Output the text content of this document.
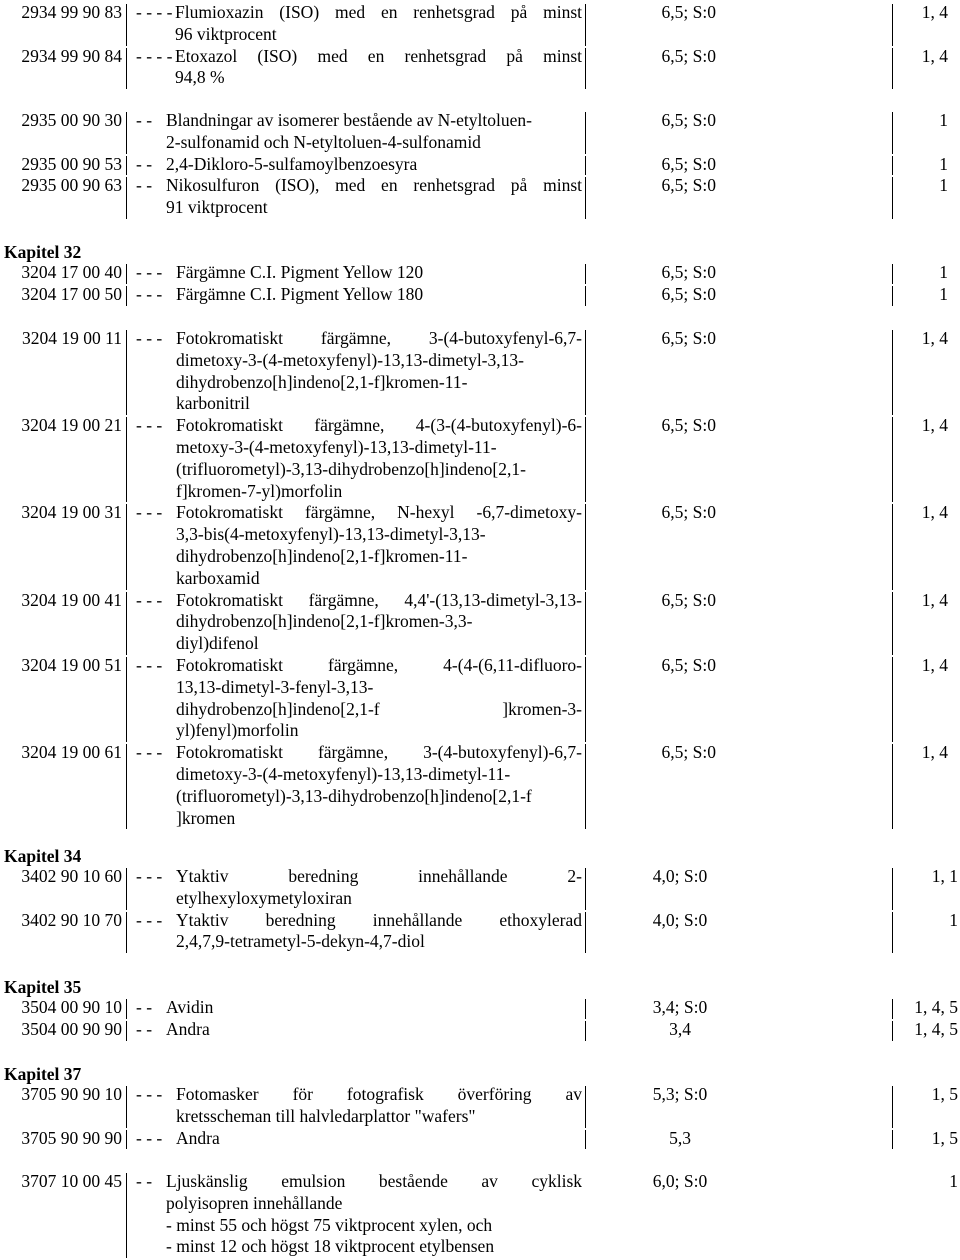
2934 99 90 83 - - - - Flumioxazin (ISO) med en renhetsgrad på minst
96 viktprocent
6,5; S:0	1, 4
2934 99 90 84 - - - - Etoxazol (ISO) med en renhetsgrad på minst
94,8 %
6,5; S:0	1, 4
2935 00 90 30 - - Blandningar av isomerer bestående av N-etyltoluen-
2-sulfonamid och N-etyltoluen-4-sulfonamid
6,5; S:0	1
2935 00 90 53 - - 2,4-Dikloro-5-sulfamoylbenzoesyra	6,5; S:0	1
2935 00 90 63 - - Nikosulfuron (ISO), med en renhetsgrad på minst
91 viktprocent
6,5; S:0	1
3204 17 00 40 - - - Färgämne C.I. Pigment Yellow 120	6,5; S:0	1
3204 17 00 50 - - - Färgämne C.I. Pigment Yellow 180	6,5; S:0	1
3204 19 00 11 - - - Fotokromatiskt färgämne, 3-(4-butoxyfenyl-6,7-
dimetoxy-3-(4-metoxyfenyl)-13,13-dimetyl-3,13-
dihydrobenzo[h]indeno[2,1-f]kromen-11-
karbonitril
6,5; S:0	1, 4
3204 19 00 21 - - - Fotokromatiskt färgämne, 4-(3-(4-butoxyfenyl)-6-
metoxy-3-(4-metoxyfenyl)-13,13-dimetyl-11-
(trifluorometyl)-3,13-dihydrobenzo[h]indeno[2,1-
f]kromen-7-yl)morfolin
6,5; S:0	1, 4
3204 19 00 31 - - - Fotokromatiskt färgämne, N-hexyl -6,7-dimetoxy-
3,3-bis(4-metoxyfenyl)-13,13-dimetyl-3,13-
dihydrobenzo[h]indeno[2,1-f]kromen-11-
karboxamid
6,5; S:0	1, 4
3204 19 00 41 - - - Fotokromatiskt färgämne, 4,4'-(13,13-dimetyl-3,13-
dihydrobenzo[h]indeno[2,1-f]kromen-3,3-
diyl)difenol
6,5; S:0	1, 4
3204 19 00 51 - - - Fotokromatiskt färgämne, 4-(4-(6,11-difluoro-
13,13-dimetyl-3-fenyl-3,13-
dihydrobenzo[h]indeno[2,1-f ]kromen-3-
yl)fenyl)morfolin
6,5; S:0	1, 4
3204 19 00 61 - - - Fotokromatiskt färgämne, 3-(4-butoxyfenyl)-6,7-
dimetoxy-3-(4-metoxyfenyl)-13,13-dimetyl-11-
(trifluorometyl)-3,13-dihydrobenzo[h]indeno[2,1-f
]kromen
6,5; S:0	1, 4
3402 90 10 60 - - - Ytaktiv beredning innehållande 2-
etylhexyloxymetyloxiran
4,0; S:0	1, 1
3402 90 10 70 - - - Ytaktiv beredning innehållande ethoxylerad
2,4,7,9-tetrametyl-5-dekyn-4,7-diol
4,0; S:0	1
3504 00 90 10 - - Avidin	3,4; S:0	1, 4, 5
3504 00 90 90 - - Andra	3,4	1, 4, 5
3705 90 90 10 - - - Fotomasker för fotografisk överföring av
kretsscheman till halvledarplattor "wafers"
5,3; S:0	1, 5
3705 90 90 90 - - - Andra	5,3	1, 5
3707 10 00 45 - - Ljuskänslig emulsion bestående av cyklisk
polyisopren innehållande
- minst 55 och högst 75 viktprocent xylen, och
- minst 12 och högst 18 viktprocent etylbensen
6,0; S:0	1
Kapitel 32
Kapitel 34
Kapitel 35
Kapitel 37
